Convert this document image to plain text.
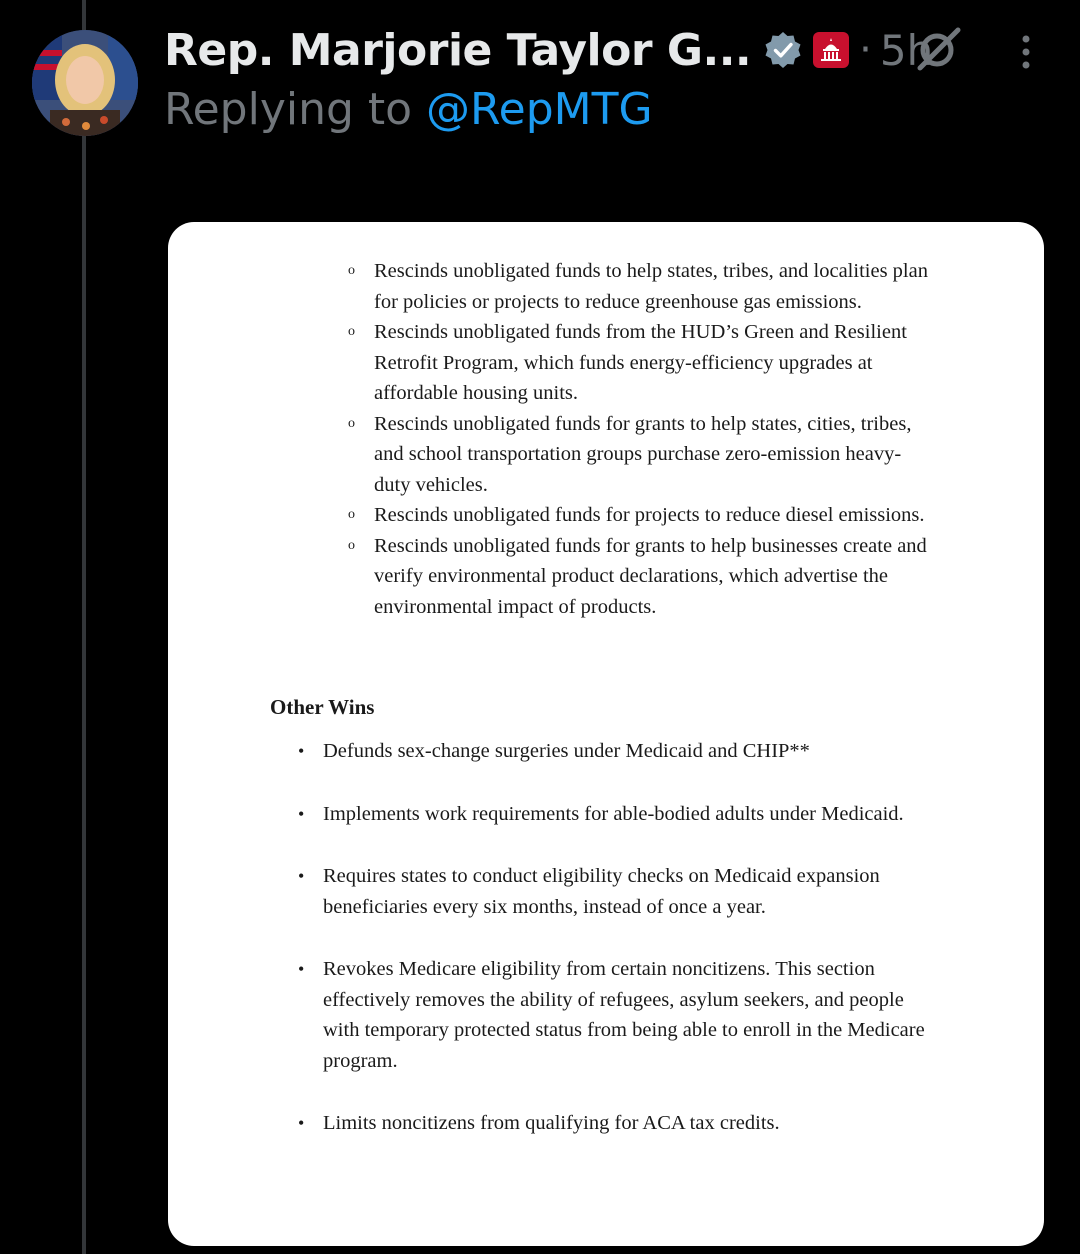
Rep. Marjorie Taylor G...	· 5h
Replying to @RepMTG
o Rescinds unobligated funds to help states, tribes, and localities plan for policies or projects to reduce greenhouse gas emissions.
o Rescinds unobligated funds from the HUD’s Green and Resilient Retrofit Program, which funds energy-efficiency upgrades at affordable housing units.
o Rescinds unobligated funds for grants to help states, cities, tribes, and school transportation groups purchase zero-emission heavy-duty vehicles.
o Rescinds unobligated funds for projects to reduce diesel emissions.
o Rescinds unobligated funds for grants to help businesses create and verify environmental product declarations, which advertise the environmental impact of products.
Other Wins
• Defunds sex-change surgeries under Medicaid and CHIP**
• Implements work requirements for able-bodied adults under Medicaid.
• Requires states to conduct eligibility checks on Medicaid expansion beneficiaries every six months, instead of once a year.
• Revokes Medicare eligibility from certain noncitizens. This section effectively removes the ability of refugees, asylum seekers, and people with temporary protected status from being able to enroll in the Medicare program.
• Limits noncitizens from qualifying for ACA tax credits.
